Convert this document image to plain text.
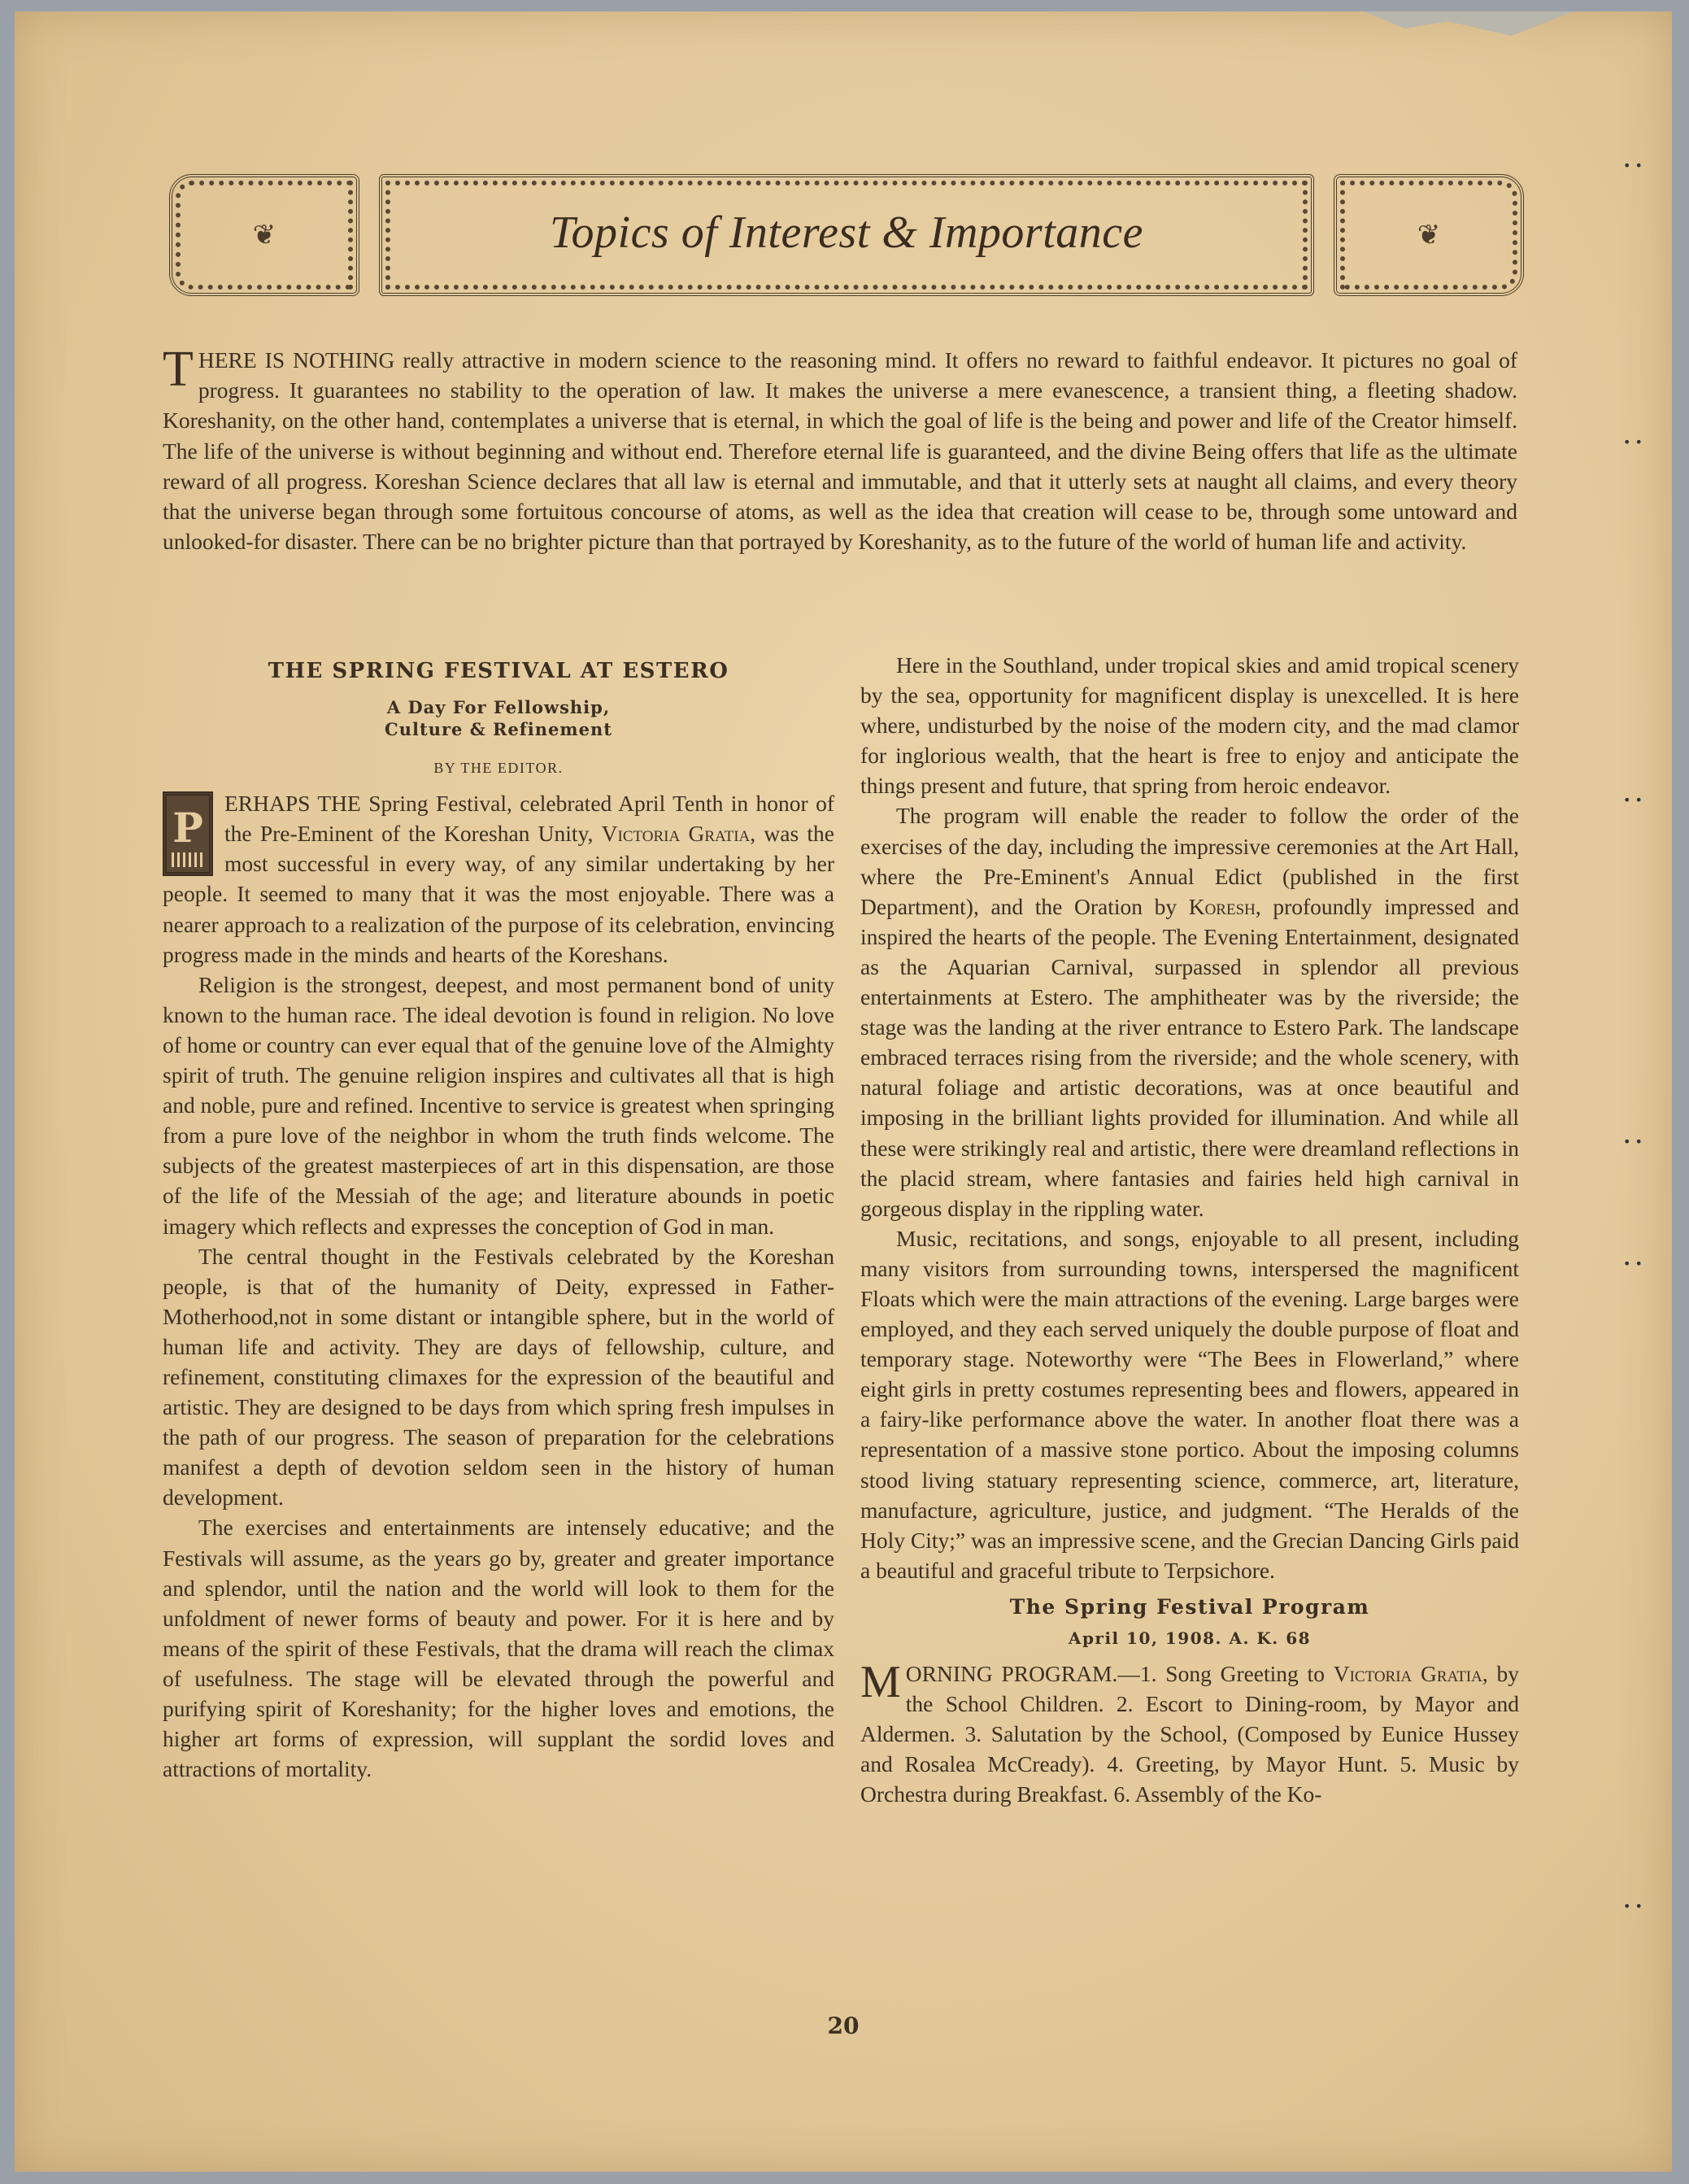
❦	Topics of Interest & Importance	❦

THERE IS NOTHING really attractive in modern science to the reasoning mind. It offers no reward to faithful endeavor. It pictures no goal of progress. It guarantees no stability to the operation of law. It makes the universe a mere evanescence, a transient thing, a fleeting shadow. Koreshanity, on the other hand, contemplates a universe that is eternal, in which the goal of life is the being and power and life of the Creator himself. The life of the universe is without beginning and without end. Therefore eternal life is guaranteed, and the divine Being offers that life as the ultimate reward of all progress. Koreshan Science declares that all law is eternal and immutable, and that it utterly sets at naught all claims, and every theory that the universe began through some fortuitous concourse of atoms, as well as the idea that creation will cease to be, through some untoward and unlooked-for disaster. There can be no brighter picture than that portrayed by Koreshanity, as to the future of the world of human life and activity.

THE SPRING FESTIVAL AT ESTERO
A Day For Fellowship,
Culture & Refinement
BY THE EDITOR.

P
ERHAPS THE Spring Festival, celebrated April Tenth in honor of the Pre-Eminent of the Koreshan Unity, Victoria Gratia, was the most successful in every way, of any similar undertaking by her people. It seemed to many that it was the most enjoyable. There was a nearer approach to a realization of the purpose of its celebration, envincing progress made in the minds and hearts of the Koreshans.

Religion is the strongest, deepest, and most permanent bond of unity known to the human race. The ideal devotion is found in religion. No love of home or country can ever equal that of the genuine love of the Almighty spirit of truth. The genuine religion inspires and cultivates all that is high and noble, pure and refined. Incentive to service is greatest when springing from a pure love of the neighbor in whom the truth finds welcome. The subjects of the greatest masterpieces of art in this dispensation, are those of the life of the Messiah of the age; and literature abounds in poetic imagery which reflects and expresses the conception of God in man.

The central thought in the Festivals celebrated by the Koreshan people, is that of the humanity of Deity, expressed in Father-Motherhood,not in some distant or intangible sphere, but in the world of human life and activity. They are days of fellowship, culture, and refinement, constituting climaxes for the expression of the beautiful and artistic. They are designed to be days from which spring fresh impulses in the path of our progress. The season of preparation for the celebrations manifest a depth of devotion seldom seen in the history of human development.

The exercises and entertainments are intensely educative; and the Festivals will assume, as the years go by, greater and greater importance and splendor, until the nation and the world will look to them for the unfoldment of newer forms of beauty and power. For it is here and by means of the spirit of these Festivals, that the drama will reach the climax of usefulness. The stage will be elevated through the powerful and purifying spirit of Koreshanity; for the higher loves and emotions, the higher art forms of expression, will supplant the sordid loves and attractions of mortality.

Here in the Southland, under tropical skies and amid tropical scenery by the sea, opportunity for magnificent display is unexcelled. It is here where, undisturbed by the noise of the modern city, and the mad clamor for inglorious wealth, that the heart is free to enjoy and anticipate the things present and future, that spring from heroic endeavor.

The program will enable the reader to follow the order of the exercises of the day, including the impressive ceremonies at the Art Hall, where the Pre-Eminent's Annual Edict (published in the first Department), and the Oration by Koresh, profoundly impressed and inspired the hearts of the people. The Evening Entertainment, designated as the Aquarian Carnival, surpassed in splendor all previous entertainments at Estero. The amphitheater was by the riverside; the stage was the landing at the river entrance to Estero Park. The landscape embraced terraces rising from the riverside; and the whole scenery, with natural foliage and artistic decorations, was at once beautiful and imposing in the brilliant lights provided for illumination. And while all these were strikingly real and artistic, there were dreamland reflections in the placid stream, where fantasies and fairies held high carnival in gorgeous display in the rippling water.

Music, recitations, and songs, enjoyable to all present, including many visitors from surrounding towns, interspersed the magnificent Floats which were the main attractions of the evening. Large barges were employed, and they each served uniquely the double purpose of float and temporary stage. Noteworthy were “The Bees in Flowerland,” where eight girls in pretty costumes representing bees and flowers, appeared in a fairy-like performance above the water. In another float there was a representation of a massive stone portico. About the imposing columns stood living statuary representing science, commerce, art, literature, manufacture, agriculture, justice, and judgment. “The Heralds of the Holy City;” was an impressive scene, and the Grecian Dancing Girls paid a beautiful and graceful tribute to Terpsichore.

The Spring Festival Program
April 10, 1908. A. K. 68

MORNING PROGRAM.—1. Song Greeting to Victoria Gratia, by the School Children. 2. Escort to Dining-room, by Mayor and Aldermen. 3. Salutation by the School, (Composed by Eunice Hussey and Rosalea McCready). 4. Greeting, by Mayor Hunt. 5. Music by Orchestra during Breakfast. 6. Assembly of the Ko-

20
• •
• •
• •
• •
• •
• •
